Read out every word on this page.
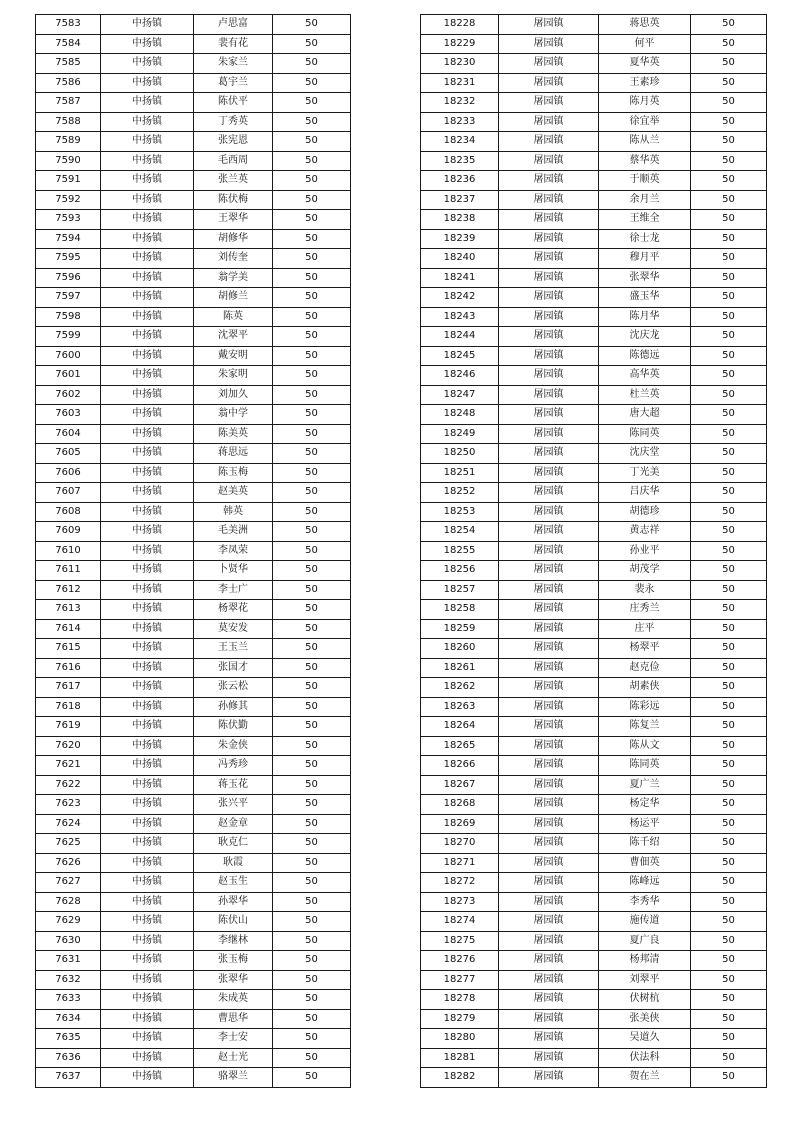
7583	中扬镇	卢思富	50
7584	中扬镇	裴有花	50
7585	中扬镇	朱家兰	50
7586	中扬镇	葛宇兰	50
7587	中扬镇	陈伏平	50
7588	中扬镇	丁秀英	50
7589	中扬镇	张宪恩	50
7590	中扬镇	毛西周	50
7591	中扬镇	张兰英	50
7592	中扬镇	陈伏梅	50
7593	中扬镇	王翠华	50
7594	中扬镇	胡修华	50
7595	中扬镇	刘传奎	50
7596	中扬镇	翁学美	50
7597	中扬镇	胡修兰	50
7598	中扬镇	陈英	50
7599	中扬镇	沈翠平	50
7600	中扬镇	戴安明	50
7601	中扬镇	朱家明	50
7602	中扬镇	刘加久	50
7603	中扬镇	翁中学	50
7604	中扬镇	陈美英	50
7605	中扬镇	蒋思远	50
7606	中扬镇	陈玉梅	50
7607	中扬镇	赵美英	50
7608	中扬镇	韩英	50
7609	中扬镇	毛美洲	50
7610	中扬镇	李凤荣	50
7611	中扬镇	卜贤华	50
7612	中扬镇	李士广	50
7613	中扬镇	杨翠花	50
7614	中扬镇	莫安发	50
7615	中扬镇	王玉兰	50
7616	中扬镇	张国才	50
7617	中扬镇	张云松	50
7618	中扬镇	孙修其	50
7619	中扬镇	陈伏勤	50
7620	中扬镇	朱金侠	50
7621	中扬镇	冯秀珍	50
7622	中扬镇	蒋玉花	50
7623	中扬镇	张兴平	50
7624	中扬镇	赵金章	50
7625	中扬镇	耿克仁	50
7626	中扬镇	耿霞	50
7627	中扬镇	赵玉生	50
7628	中扬镇	孙翠华	50
7629	中扬镇	陈伏山	50
7630	中扬镇	李继林	50
7631	中扬镇	张玉梅	50
7632	中扬镇	张翠华	50
7633	中扬镇	朱成英	50
7634	中扬镇	曹思华	50
7635	中扬镇	李士安	50
7636	中扬镇	赵士光	50
7637	中扬镇	骆翠兰	50
18228	屠园镇	蒋思英	50
18229	屠园镇	何平	50
18230	屠园镇	夏华英	50
18231	屠园镇	王素珍	50
18232	屠园镇	陈月英	50
18233	屠园镇	徐宜举	50
18234	屠园镇	陈从兰	50
18235	屠园镇	蔡华英	50
18236	屠园镇	于顺英	50
18237	屠园镇	余月兰	50
18238	屠园镇	王维全	50
18239	屠园镇	徐士龙	50
18240	屠园镇	穆月平	50
18241	屠园镇	张翠华	50
18242	屠园镇	盛玉华	50
18243	屠园镇	陈月华	50
18244	屠园镇	沈庆龙	50
18245	屠园镇	陈德远	50
18246	屠园镇	高华英	50
18247	屠园镇	杜兰英	50
18248	屠园镇	唐大超	50
18249	屠园镇	陈同英	50
18250	屠园镇	沈庆堂	50
18251	屠园镇	丁光美	50
18252	屠园镇	吕庆华	50
18253	屠园镇	胡德珍	50
18254	屠园镇	黄志祥	50
18255	屠园镇	孙业平	50
18256	屠园镇	胡茂学	50
18257	屠园镇	裴永	50
18258	屠园镇	庄秀兰	50
18259	屠园镇	庄平	50
18260	屠园镇	杨翠平	50
18261	屠园镇	赵克俭	50
18262	屠园镇	胡素侠	50
18263	屠园镇	陈彩远	50
18264	屠园镇	陈复兰	50
18265	屠园镇	陈从文	50
18266	屠园镇	陈同英	50
18267	屠园镇	夏广兰	50
18268	屠园镇	杨定华	50
18269	屠园镇	杨运平	50
18270	屠园镇	陈千绍	50
18271	屠园镇	曹佃英	50
18272	屠园镇	陈峰远	50
18273	屠园镇	李秀华	50
18274	屠园镇	施传道	50
18275	屠园镇	夏广良	50
18276	屠园镇	杨邦清	50
18277	屠园镇	刘翠平	50
18278	屠园镇	伏树杭	50
18279	屠园镇	张美侠	50
18280	屠园镇	吴道久	50
18281	屠园镇	伏法科	50
18282	屠园镇	贺在兰	50
